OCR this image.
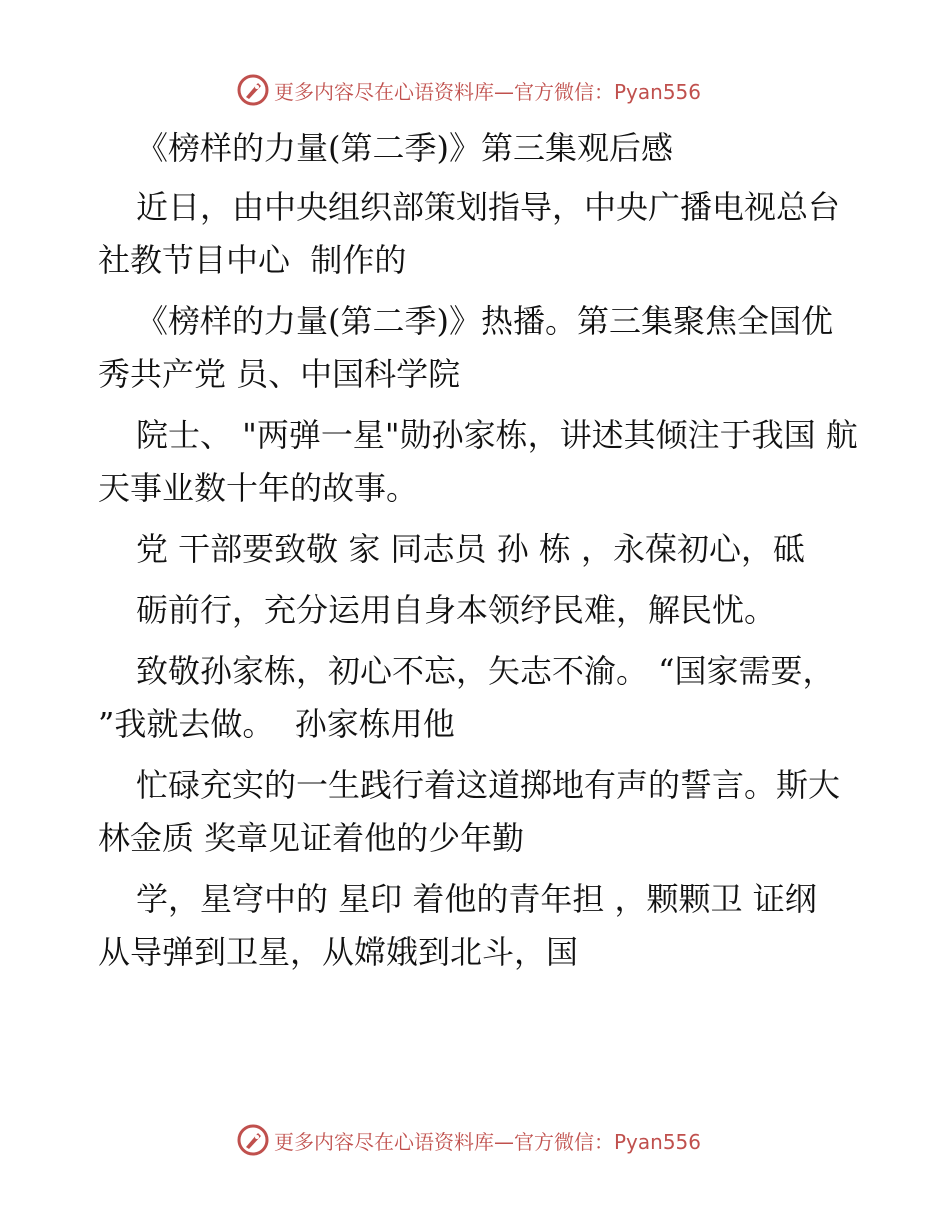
更多内容尽在心语资料库—官方微信：Pyan556

《榜样的力量(第二季)》第三集观后感

近日，由中央组织部策划指导，中央广播电视总台社教节目中心  制作的

《榜样的力量(第二季)》热播。第三集聚焦全国优秀共产党 员、中国科学院

院士、 "两弹一星"勋孙家栋，讲述其倾注于我国 航天事业数十年的故事。

党 干部要致敬 家 同志员 孙 栋 ，永葆初心，砥

砺前行，充分运用自身本领纾民难，解民忧。

致敬孙家栋，初心不忘，矢志不渝。 “国家需要， ”我就去做。  孙家栋用他

忙碌充实的一生践行着这道掷地有声的誓言。斯大林金质 奖章见证着他的少年勤

学，星穹中的 星印 着他的青年担 ，颗颗卫 证纲  从导弹到卫星，从嫦娥到北斗，国

更多内容尽在心语资料库—官方微信：Pyan556
